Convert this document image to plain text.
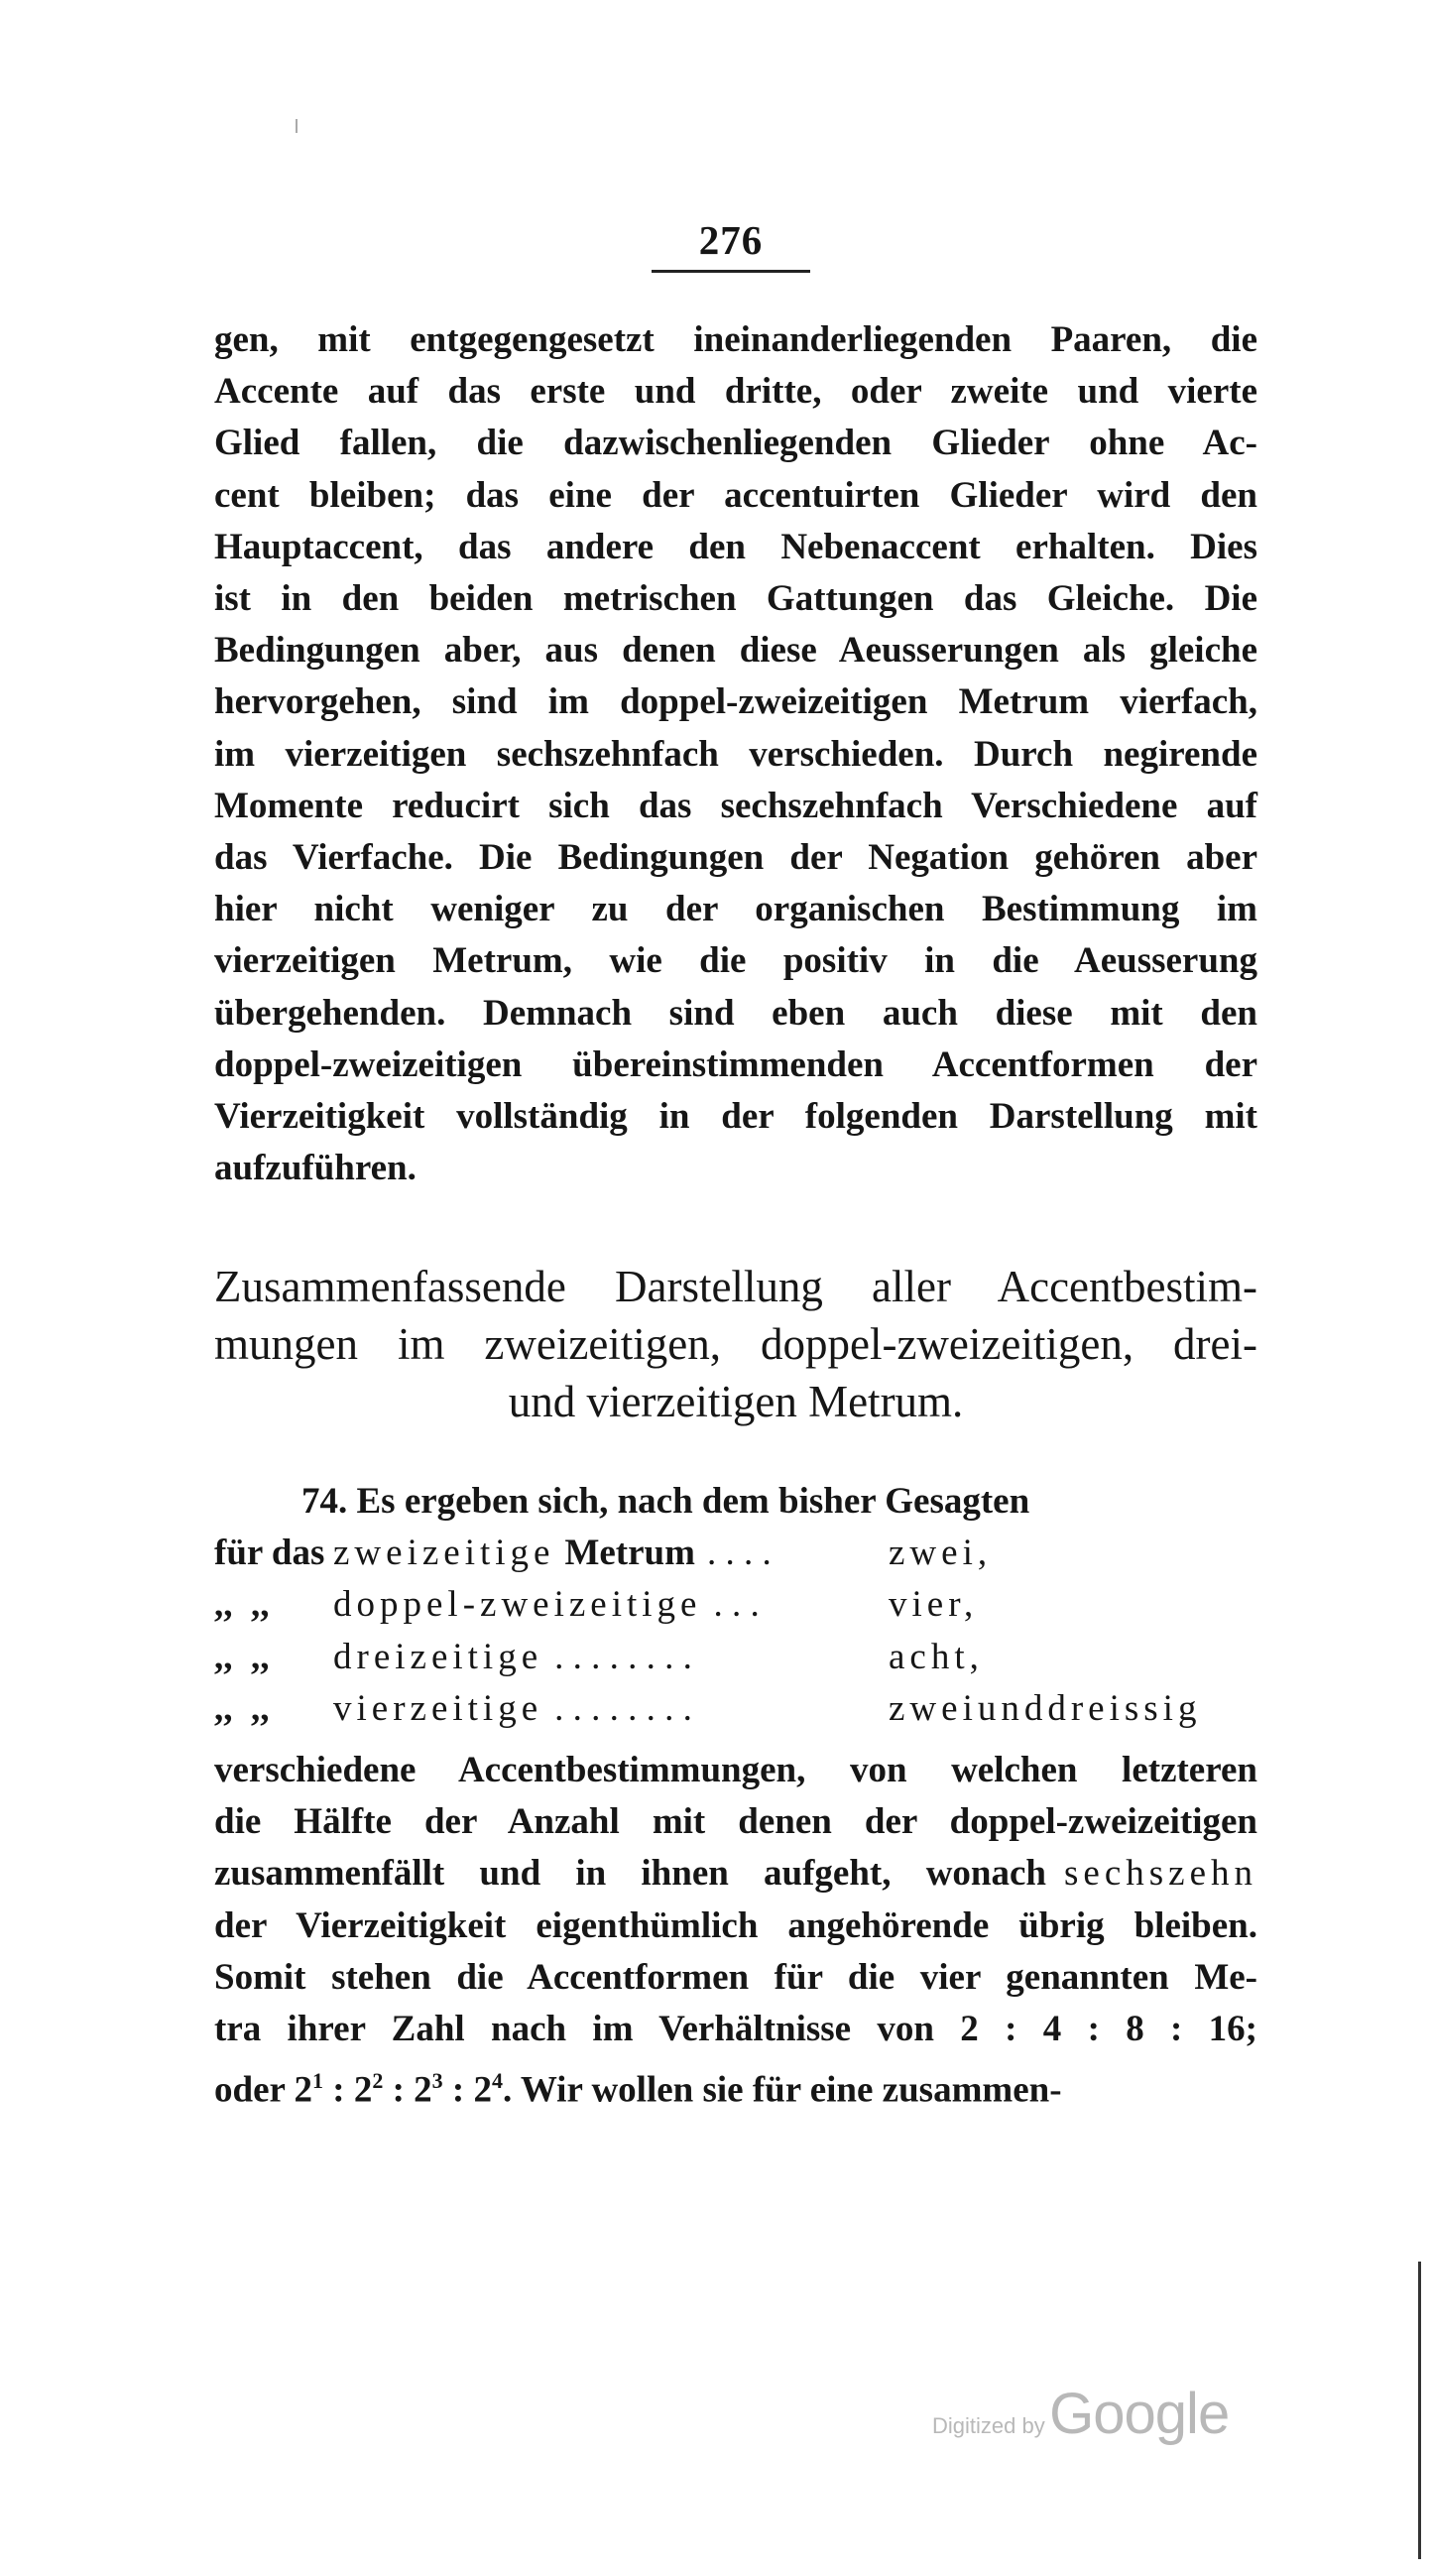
276
gen, mit entgegengesetzt ineinanderliegenden Paaren, die
Accente auf das erste und dritte, oder zweite und vierte
Glied fallen, die dazwischenliegenden Glieder ohne Ac-
cent bleiben; das eine der accentuirten Glieder wird den
Hauptaccent, das andere den Nebenaccent erhalten. Dies
ist in den beiden metrischen Gattungen das Gleiche. Die
Bedingungen aber, aus denen diese Aeusserungen als gleiche
hervorgehen, sind im doppel-zweizeitigen Metrum vierfach,
im vierzeitigen sechszehnfach verschieden. Durch negirende
Momente reducirt sich das sechszehnfach Verschiedene auf
das Vierfache. Die Bedingungen der Negation gehören aber
hier nicht weniger zu der organischen Bestimmung im
vierzeitigen Metrum, wie die positiv in die Aeusserung
übergehenden. Demnach sind eben auch diese mit den
doppel-zweizeitigen übereinstimmenden Accentformen der
Vierzeitigkeit vollständig in der folgenden Darstellung mit
aufzuführen.
Zusammenfassende Darstellung aller Accentbestim-
mungen im zweizeitigen, doppel-zweizeitigen, drei-
und vierzeitigen Metrum.
74. Es ergeben sich, nach dem bisher Gesagten
für das zweizeitige Metrum . . . .	zwei,
,,  ,, doppel-zweizeitige . . .	vier,
,,  ,, dreizeitige . . . . . . . .	acht,
,,  ,, vierzeitige . . . . . . . .	zweiunddreissig
verschiedene Accentbestimmungen, von welchen letzteren
die Hälfte der Anzahl mit denen der doppel-zweizeitigen
zusammenfällt und in ihnen aufgeht, wonach sechszehn
der Vierzeitigkeit eigenthümlich angehörende übrig bleiben.
Somit stehen die Accentformen für die vier genannten Me-
tra ihrer Zahl nach im Verhältnisse von 2 : 4 : 8 : 16;
oder $2^1$ : $2^2$ : $2^3$ : $2^4$. Wir wollen sie für eine zusammen-
Digitized by Google
